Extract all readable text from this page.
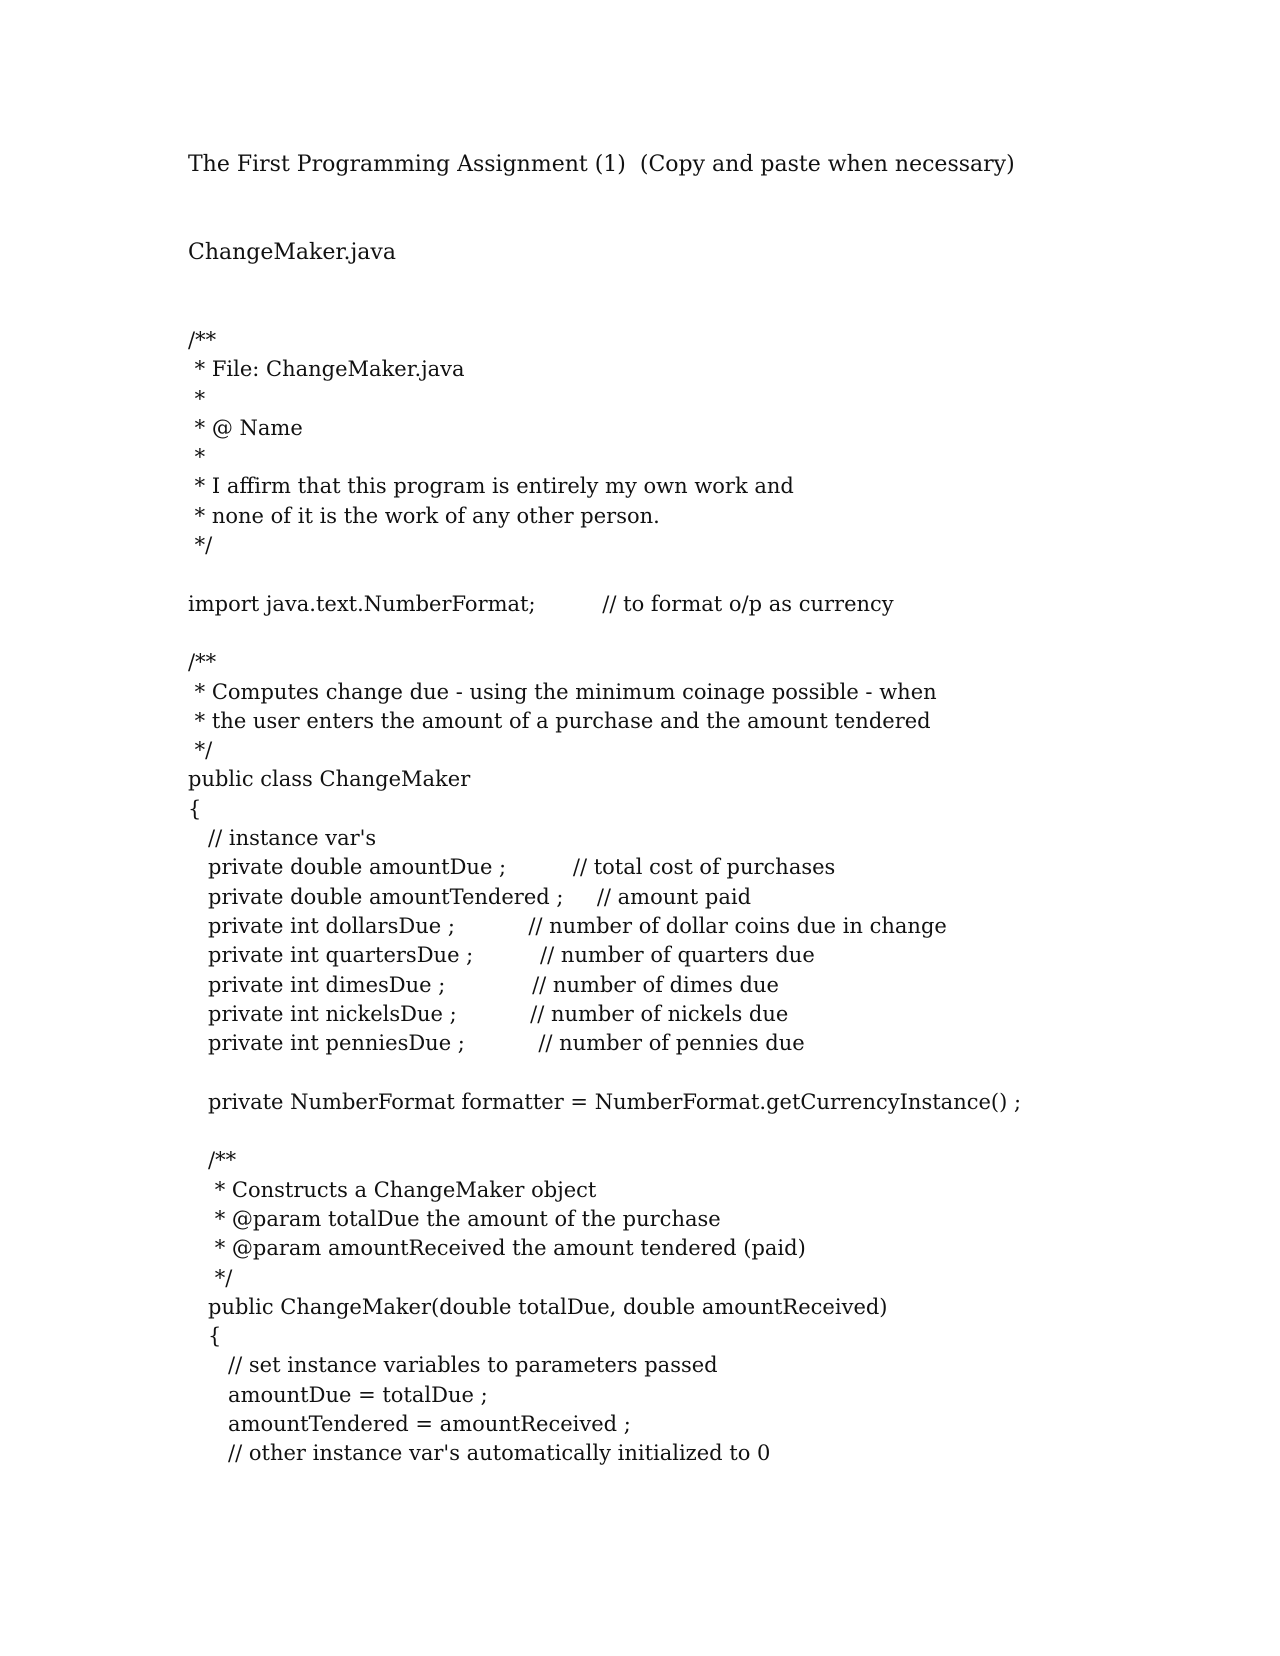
The First Programming Assignment (1)  (Copy and paste when necessary)
ChangeMaker.java
/**
* File: ChangeMaker.java
*
* @ Name
*
* I affirm that this program is entirely my own work and
* none of it is the work of any other person.
*/
import java.text.NumberFormat;          // to format o/p as currency
/**
* Computes change due - using the minimum coinage possible - when
* the user enters the amount of a purchase and the amount tendered
*/
public class ChangeMaker
{
// instance var's
private double amountDue ;          // total cost of purchases
private double amountTendered ;     // amount paid
private int dollarsDue ;           // number of dollar coins due in change
private int quartersDue ;          // number of quarters due
private int dimesDue ;             // number of dimes due
private int nickelsDue ;           // number of nickels due
private int penniesDue ;           // number of pennies due
private NumberFormat formatter = NumberFormat.getCurrencyInstance() ;
/**
* Constructs a ChangeMaker object
* @param totalDue the amount of the purchase
* @param amountReceived the amount tendered (paid)
*/
public ChangeMaker(double totalDue, double amountReceived)
{
// set instance variables to parameters passed
amountDue = totalDue ;
amountTendered = amountReceived ;
// other instance var's automatically initialized to 0
